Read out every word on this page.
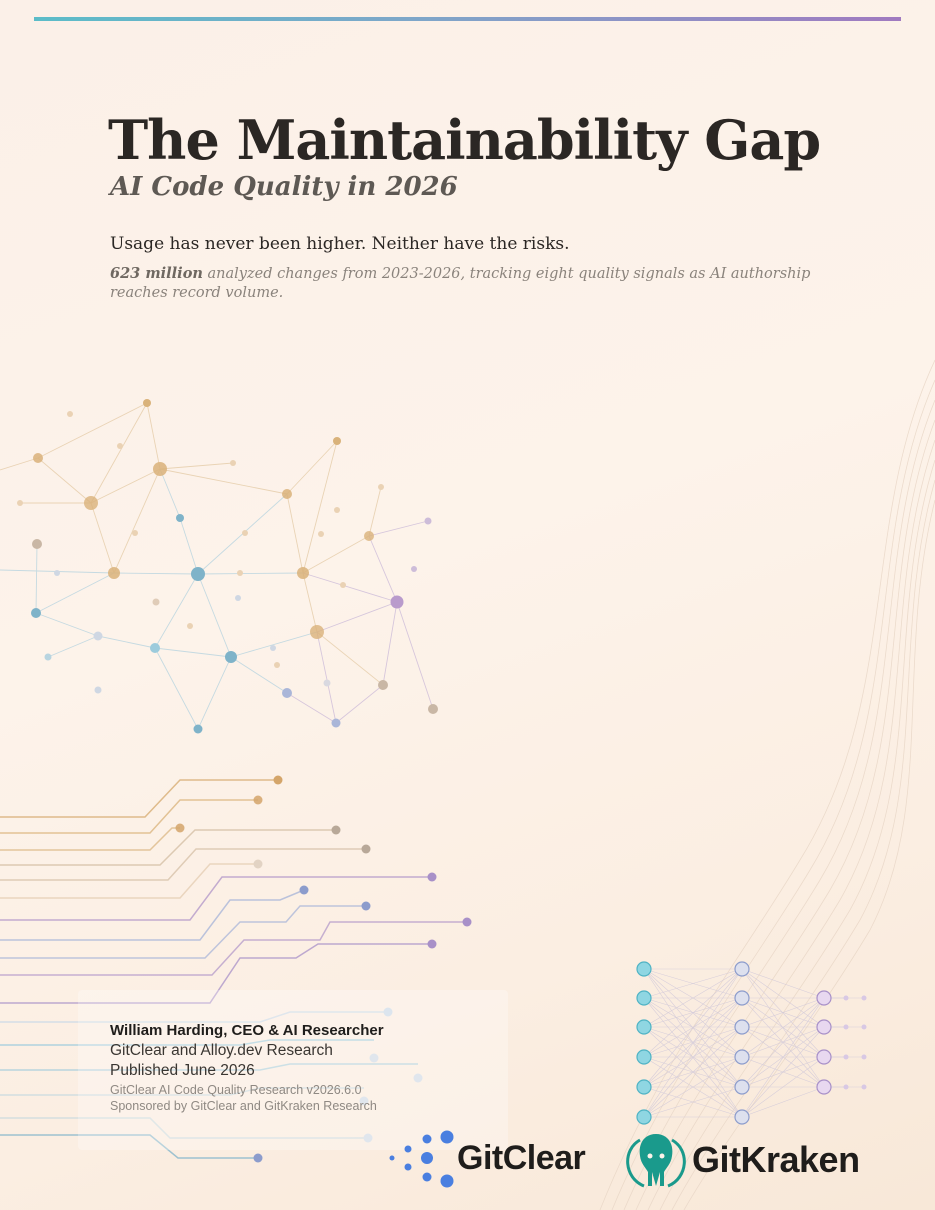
The Maintainability Gap
AI Code Quality in 2026

Usage has never been higher. Neither have the risks.

623 million analyzed changes from 2023-2026, tracking eight quality signals as AI authorship reaches record volume.

William Harding, CEO & AI Researcher
GitClear and Alloy.dev Research
Published June 2026
GitClear AI Code Quality Research v2026.6.0
Sponsored by GitClear and GitKraken Research
GitClear	GitKraken
